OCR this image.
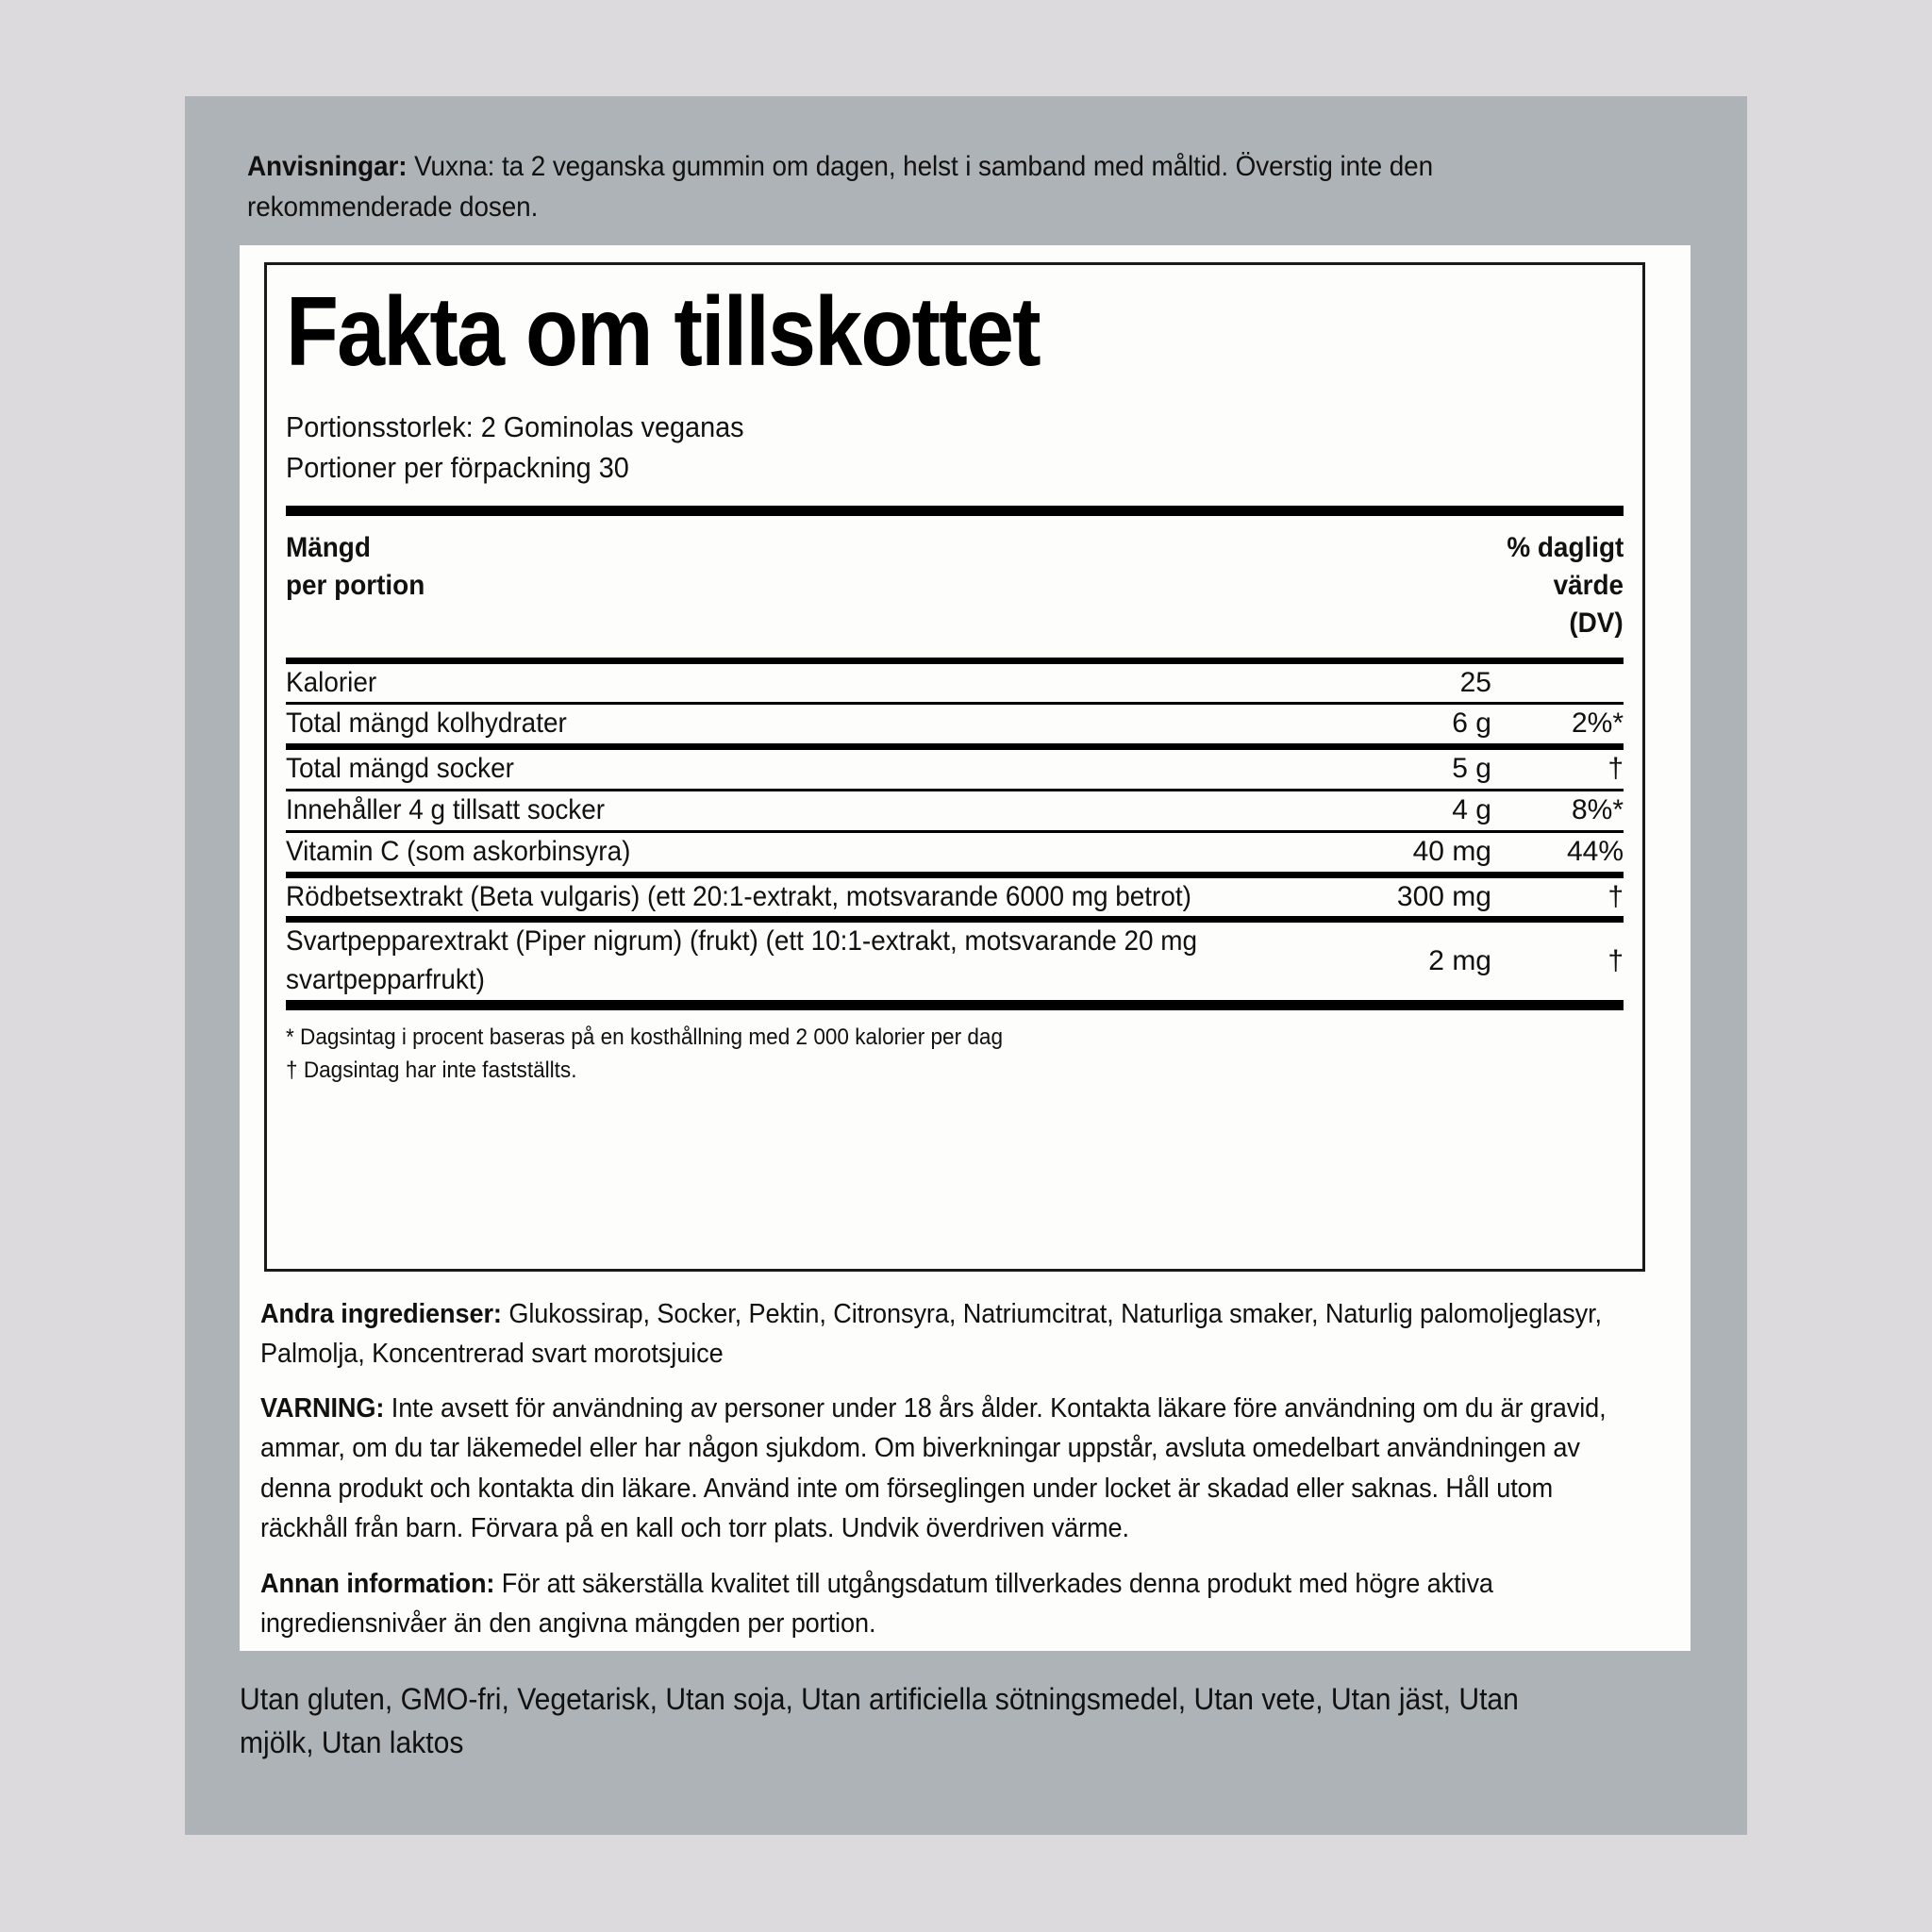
Anvisningar: Vuxna: ta 2 veganska gummin om dagen, helst i samband med måltid. Överstig inte den rekommenderade dosen.
Fakta om tillskottet
Portionsstorlek: 2 Gominolas veganas
Portioner per förpackning 30
Mängd
per portion		% dagligt
värde
(DV)
Kalorier	25	
Total mängd kolhydrater	6 g	2%*
Total mängd socker	5 g	†
Innehåller 4 g tillsatt socker	4 g	8%*
Vitamin C (som askorbinsyra)	40 mg	44%
Rödbetsextrakt (Beta vulgaris) (ett 20:1-extrakt, motsvarande 6000 mg betrot)	300 mg	†
Svartpepparextrakt (Piper nigrum) (frukt) (ett 10:1-extrakt, motsvarande 20 mg svartpepparfrukt)	2 mg	†
* Dagsintag i procent baseras på en kosthållning med 2 000 kalorier per dag
† Dagsintag har inte fastställts.
Andra ingredienser: Glukossirap, Socker, Pektin, Citronsyra, Natriumcitrat, Naturliga smaker, Naturlig palomoljeglasyr, Palmolja, Koncentrerad svart morotsjuice
VARNING: Inte avsett för användning av personer under 18 års ålder. Kontakta läkare före användning om du är gravid, ammar, om du tar läkemedel eller har någon sjukdom. Om biverkningar uppstår, avsluta omedelbart användningen av denna produkt och kontakta din läkare. Använd inte om förseglingen under locket är skadad eller saknas. Håll utom räckhåll från barn. Förvara på en kall och torr plats. Undvik överdriven värme.
Annan information: För att säkerställa kvalitet till utgångsdatum tillverkades denna produkt med högre aktiva ingrediensnivåer än den angivna mängden per portion.
Utan gluten, GMO-fri, Vegetarisk, Utan soja, Utan artificiella sötningsmedel, Utan vete, Utan jäst, Utan mjölk, Utan laktos
